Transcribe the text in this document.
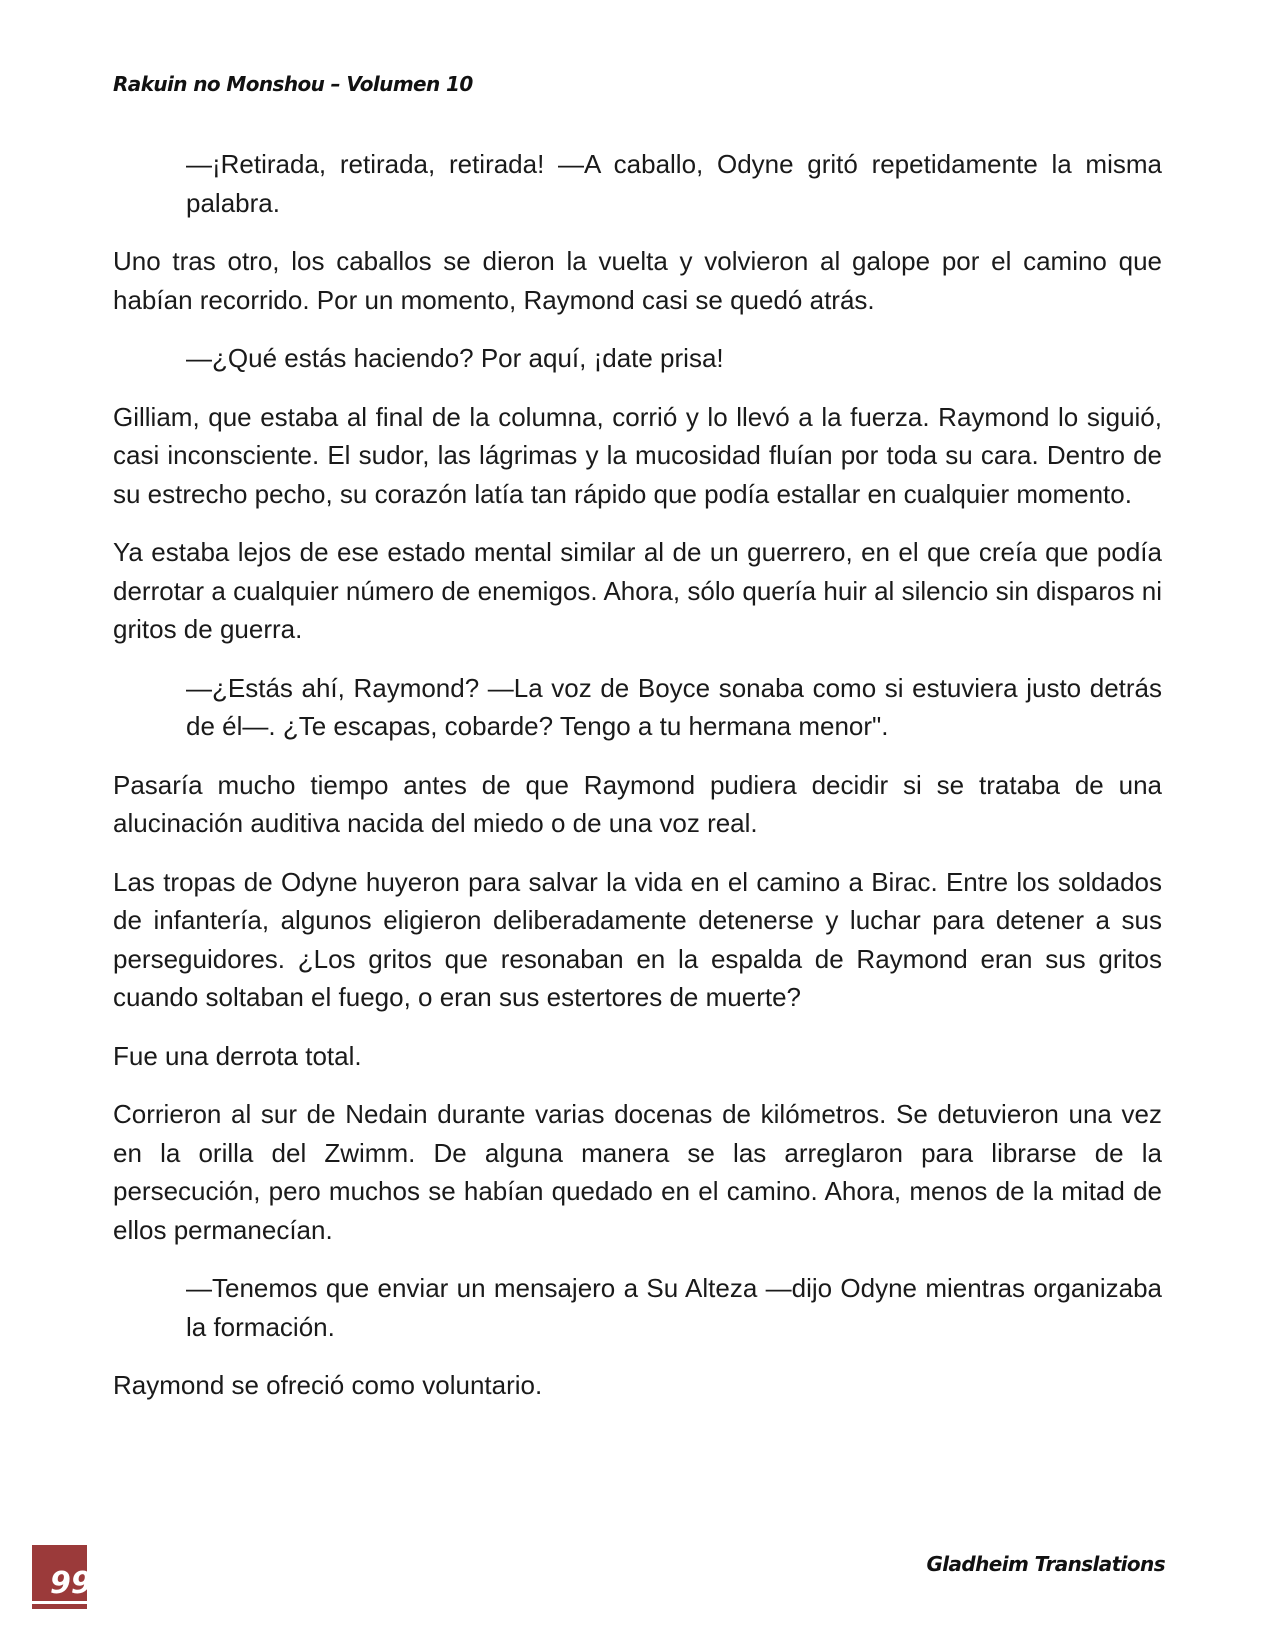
Rakuin no Monshou – Volumen 10

—¡Retirada, retirada, retirada! —A caballo, Odyne gritó repetidamente la misma palabra.

Uno tras otro, los caballos se dieron la vuelta y volvieron al galope por el camino que habían recorrido. Por un momento, Raymond casi se quedó atrás.

—¿Qué estás haciendo? Por aquí, ¡date prisa!

Gilliam, que estaba al final de la columna, corrió y lo llevó a la fuerza. Raymond lo siguió, casi inconsciente. El sudor, las lágrimas y la mucosidad fluían por toda su cara. Dentro de su estrecho pecho, su corazón latía tan rápido que podía estallar en cualquier momento.

Ya estaba lejos de ese estado mental similar al de un guerrero, en el que creía que podía derrotar a cualquier número de enemigos. Ahora, sólo quería huir al silencio sin disparos ni gritos de guerra.

—¿Estás ahí, Raymond? —La voz de Boyce sonaba como si estuviera justo detrás de él—. ¿Te escapas, cobarde? Tengo a tu hermana menor".

Pasaría mucho tiempo antes de que Raymond pudiera decidir si se trataba de una alucinación auditiva nacida del miedo o de una voz real.

Las tropas de Odyne huyeron para salvar la vida en el camino a Birac. Entre los soldados de infantería, algunos eligieron deliberadamente detenerse y luchar para detener a sus perseguidores. ¿Los gritos que resonaban en la espalda de Raymond eran sus gritos cuando soltaban el fuego, o eran sus estertores de muerte?

Fue una derrota total.

Corrieron al sur de Nedain durante varias docenas de kilómetros. Se detuvieron una vez en la orilla del Zwimm. De alguna manera se las arreglaron para librarse de la persecución, pero muchos se habían quedado en el camino. Ahora, menos de la mitad de ellos permanecían.

—Tenemos que enviar un mensajero a Su Alteza —dijo Odyne mientras organizaba la formación.

Raymond se ofreció como voluntario.

99
Gladheim Translations
